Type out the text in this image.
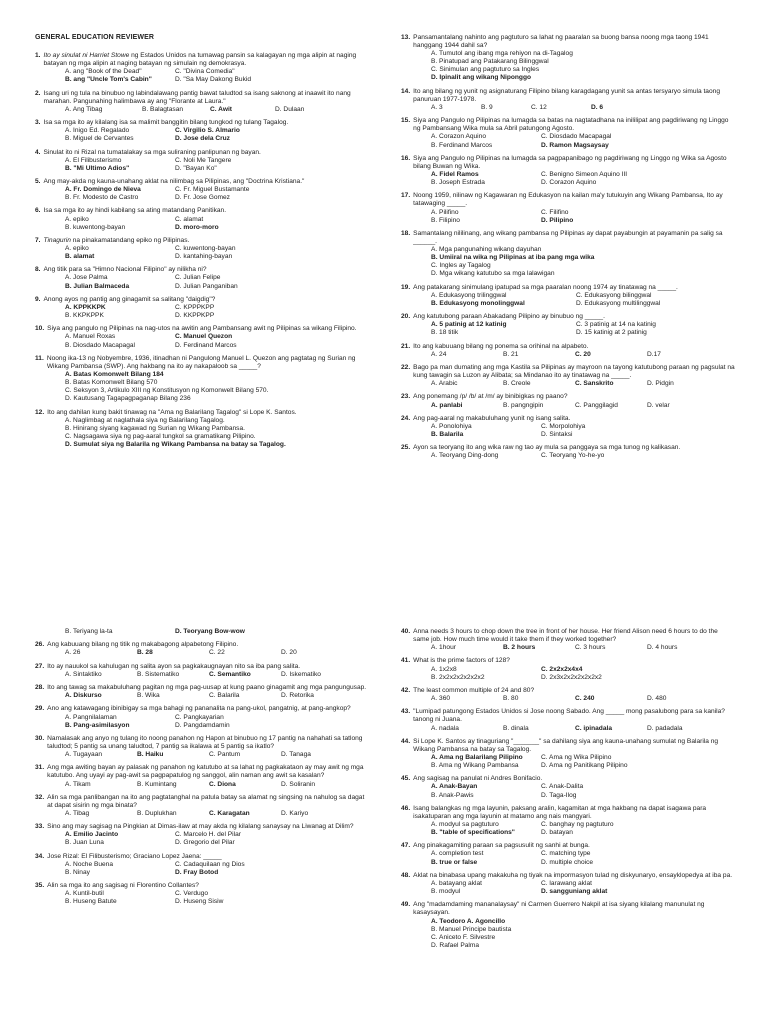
GENERAL EDUCATION REVIEWER
1. Ito ay sinulat ni Harriet Stowe ng Estados Unidos na tumawag pansin sa kalagayan ng mga alipin at naging batayan ng mga alipin at naging batayan ng simulain ng demokrasya.
A. ang "Book of the Dead"	C. "Divina Comedia"
B. ang "Uncle Tom's Cabin"	D. "Sa May Dakong Bukid
2. Isang uri ng tula na binubuo ng labindalawang pantig bawat taludtod sa isang saknong at inaawit ito nang marahan. Pangunahing halimbawa ay ang "Florante at Laura."
A. Ang Tibag	B. Balagtasan	C. Awit	D. Dulaan
3. Isa sa mga ito ay kilalang isa sa malimit banggitin bilang tungkod ng tulang Tagalog.
A. Inigo Ed. Regalado	C. Virgilio S. Almario
B. Miguel de Cervantes	D. Jose dela Cruz
4. Sinulat ito ni Rizal na tumatalakay sa mga suliraning panlipunan ng bayan.
A. El Filibusterismo	C. Noli Me Tangere
B. "Mi Ultimo Adios"	D. "Bayan Ko"
5. Ang may-akda ng kauna-unahang aklat na nilimbag sa Pilipinas, ang "Doctrina Kristiana."
A. Fr. Domingo de Nieva	C. Fr. Miguel Bustamante
B. Fr. Modesto de Castro	D. Fr. Jose Gomez
6. Isa sa mga ito ay hindi kabilang sa ating matandang Panitikan.
A. epiko	C. alamat
B. kuwentong-bayan	D. moro-moro
7. Tinagurin na pinakamatandang epiko ng Pilipinas.
A. epiko	C. kuwentong-bayan
B. alamat	D. kantahing-bayan
8. Ang titik para sa "Himno Nacional Filipino" ay nilikha ni?
A. Jose Palma	C. Julian Felipe
B. Julian Balmaceda	D. Julian Panganiban
9. Anong ayos ng pantig ang ginagamit sa salitang "daigdig"?
A. KPPKKPK	C. KPPPKPP
B. KKPKPPK	D. KKPPKPP
10. Siya ang pangulo ng Pilipinas na nag-utos na awitin ang Pambansang awit ng Pilipinas sa wikang Filipino.
A. Manuel Roxas	C. Manuel Quezon
B. Diosdado Macapagal	D. Ferdinand Marcos
11. Noong ika-13 ng Nobyembre, 1936, itinadhan ni Pangulong Manuel L. Quezon ang pagtatag ng Surian ng Wikang Pambansa (SWP). Ang hakbang na ito ay nakapaloob sa _____?
A. Batas Komonwelt Bilang 184
B. Batas Komonwelt Bilang 570
C. Seksyon 3, Artikulo XIII ng Konstitusyon ng Komonwelt Bilang 570.
D. Kautusang Tagapagpaganap Bilang 236
12. Ito ang dahilan kung bakit tinawag na "Ama ng Balarilang Tagalog" si Lope K. Santos.
A. Naglimbag at naglathala siya ng Balarilang Tagalog.
B. Hinirang siyang kagawad ng Surian ng Wikang Pambansa.
C. Nagsagawa siya ng pag-aaral tungkol sa gramatikang Pilipino.
D. Sumulat siya ng Balarila ng Wikang Pambansa na batay sa Tagalog.
13. Pansamantalang nahinto ang pagtuturo sa lahat ng paaralan sa buong bansa noong mga taong 1941 hanggang 1944 dahil sa?
A. Tumutol ang ibang mga rehiyon na di-Tagalog
B. Pinatupad ang Patakarang Bilinggwal
C. Sinimulan ang pagtuturo sa Ingles
D. Ipinalit ang wikang Niponggo
14. Ito ang bilang ng yunit ng asignaturang Filipino bilang karagdagang yunit sa antas tersyaryo simula taong panuruan 1977-1978.
A. 3	B. 9	C. 12	D. 6
15. Siya ang Pangulo ng Pilipinas na lumagda sa batas na nagtatadhana na inililipat ang pagdiriwang ng Linggo ng Pambansang Wika mula sa Abril patungong Agosto.
A. Corazon Aquino	C. Diosdado Macapagal
B. Ferdinand Marcos	D. Ramon Magsaysay
16. Siya ang Pangulo ng Pilipinas na lumagda sa pagpapanibago ng pagdiriwang ng Linggo ng Wika sa Agosto bilang Buwan ng Wika.
A. Fidel Ramos	C. Benigno Simeon Aquino III
B. Joseph Estrada	D. Corazon Aquino
17. Noong 1959, nilinaw ng Kagawaran ng Edukasyon na kailan ma'y tutukuyin ang Wikang Pambansa, Ito ay tatawaging _____.
A. Pilifino	C. Filifino
B. Filipino	D. Pilipino
18. Samantalang nililinang, ang wikang pambansa ng Pilipinas ay dapat payabungin at payamanin pa salig sa ______.
A. Mga pangunahing wikang dayuhan
B. Umiiral na wika ng Pilipinas at iba pang mga wika
C. Ingles ay Tagalog
D. Mga wikang katutubo sa mga lalawigan
19. Ang patakarang sinimulang ipatupad sa mga paaralan noong 1974 ay tinatawag na _____.
A. Edukasyong trilinggwal	C. Edukasyong bilinggwal
B. Edukasyong monolinggwal	D. Edukasyong multilinggwal
20. Ang katutubong paraan Abakadang Pilipino ay binubuo ng _____.
A. 5 patinig at 12 katinig	C. 3 patinig at 14 na katinig
B. 18 titik	D. 15 katinig at 2 patinig
21. Ito ang kabuuang bilang ng ponema sa orihinal na alpabeto.
A. 24	B. 21	C. 20	D.17
22. Bago pa man dumating ang mga Kastila sa Pilipinas ay mayroon na tayong katutubong paraan ng pagsulat na kung tawagin sa Luzon ay Alibata; sa Mindanao ito ay tinatawag na _____.
A. Arabic	B. Creole	C. Sanskrito	D. Pidgin
23. Ang ponemang /p/ /b/ at /m/ ay binibigkas ng paano?
A. panlabi	B. pangngipin	C. Panggilagid	D. velar
24. Ang pag-aaral ng makabuluhang yunit ng isang salita.
A. Ponolohiya	C. Morpolohiya
B. Balarila	D. Sintaksi
25. Ayon sa teoryang ito ang wika raw ng tao ay mula sa panggaya sa mga tunog ng kalikasan.
A. Teoryang Ding-dong	C. Teoryang Yo-he-yo
B. Teriyang la-ta	D. Teoryang Bow-wow
26. Ang kabuuang bilang ng titik ng makabagong alpabetong Filipino.
A. 26	B. 28	C. 22	D. 20
27. Ito ay nauukol sa kahulugan ng salita ayon sa pagkakaugnayan nito sa iba pang salita.
A. Sintaktiko	B. Sistematiko	C. Semantiko	D. Iskematiko
28. Ito ang tawag sa makabuluhang pagitan ng mga pag-uusap at kung paano ginagamit ang mga pangungusap.
A. Diskurso	B. Wika	C. Balarila	D. Retorika
29. Ano ang katawagang ibinibigay sa mga bahagi ng pananalita na pang-ukol, pangatnig, at pang-angkop?
A. Pangnilalaman	C. Pangkayarian
B. Pang-asimilasyon	D. Pangdamdamin
30. Namalasak ang anyo ng tulang ito noong panahon ng Hapon at binubuo ng 17 pantig na nahahati sa tatlong taludtod; 5 pantig sa unang taludtod, 7 pantig sa ikalawa at 5 pantig sa ikatlo?
A. Tugayaan	B. Haiku	C. Pantum	D. Tanaga
31. Ang mga awiting bayan ay palasak ng panahon ng katutubo at sa lahat ng pagkakataon ay may awit ng mga katutubo. Ang uyayi ay pag-awit sa pagpapatulog ng sanggol, alin naman ang awit sa kasalan?
A. Tikam	B. Kumintang	C. Diona	D. Soliranin
32. Alin sa mga panlibangan na ito ang pagtatanghal na patula batay sa alamat ng singsing na nahulog sa dagat at dapat sisirin ng mga binata?
A. Tibag	B. Duplukhan	C. Karagatan	D. Kariyo
33. Sino ang may sagisag na Pingkian at Dimas-ilaw at may akda ng kilalang sanaysay na Liwanag at Dilim?
A. Emilio Jacinto	C. Marcelo H. del Pilar
B. Juan Luna	D. Gregorio del Pilar
34. Jose Rizal: El Filibusterismo; Graciano Lopez Jaena: _____
A. Noche Buena	C. Cadaquilaan ng Dios
B. Ninay	D. Fray Botod
35. Alin sa mga ito ang sagisag ni Florentino Collantes?
A. Kuntil-butil	C. Verdugo
B. Huseng Batute	D. Huseng Sisiw
40. Anna needs 3 hours to chop down the tree in front of her house. Her friend Alison need 6 hours to do the same job. How much time would it take them if they worked together?
A. 1hour	B. 2 hours	C. 3 hours	D. 4 hours
41. What is the prime factors of 128?
A. 1x2x8	C. 2x2x2x4x4
B. 2x2x2x2x2x2x2	D. 2x3x2x2x2x2x2x2
42. The least common multiple of 24 and 80?
A. 360	B. 80	C. 240	D. 480
43. "Lumipad patungong Estados Unidos si Jose noong Sabado. Ang _____ mong pasalubong para sa kanila? tanong ni Juana.
A. nadala	B. dinala	C. ipinadala	D. padadala
44. Si Lope K. Santos ay tinaguriang "_______" sa dahilang siya ang kauna-unahang sumulat ng Balarila ng Wikang Pambansa na batay sa Tagalog.
A. Ama ng Balarilang Pilipino	C. Ama ng Wika Pilipino
B. Ama ng Wikang Pambansa	D. Ama ng Panitikang Pilipino
45. Ang sagisag na panulat ni Andres Bonifacio.
A. Anak-Bayan	C. Anak-Dalita
B. Anak-Pawis	D. Taga-Ilog
46. Isang balangkas ng mga layunin, paksang aralin, kagamitan at mga hakbang na dapat isagawa para isakatuparan ang mga layunin at matamo ang nais mangyari.
A. modyul sa pagtuturo	C. banghay ng pagtuturo
B. "table of specifications"	D. batayan
47. Ang pinakagamiting paraan sa pagsusulit ng sanhi at bunga.
A. completion test	C. matching type
B. true or false	D. multiple choice
48. Aklat na binabasa upang makakuha ng tiyak na impormasyon tulad ng diskyunaryo, ensayklopedya at iba pa.
A. batayang aklat	C. larawang aklat
B. modyul	D. sangguniang aklat
49. Ang "madamdaming mananalaysay" ni Carmen Guerrero Nakpil at isa siyang kilalang manunulat ng kasaysayan.
A. Teodoro A. Agoncillo
B. Manuel Principe bautista
C. Aniceto F. Silvestre
D. Rafael Palma
